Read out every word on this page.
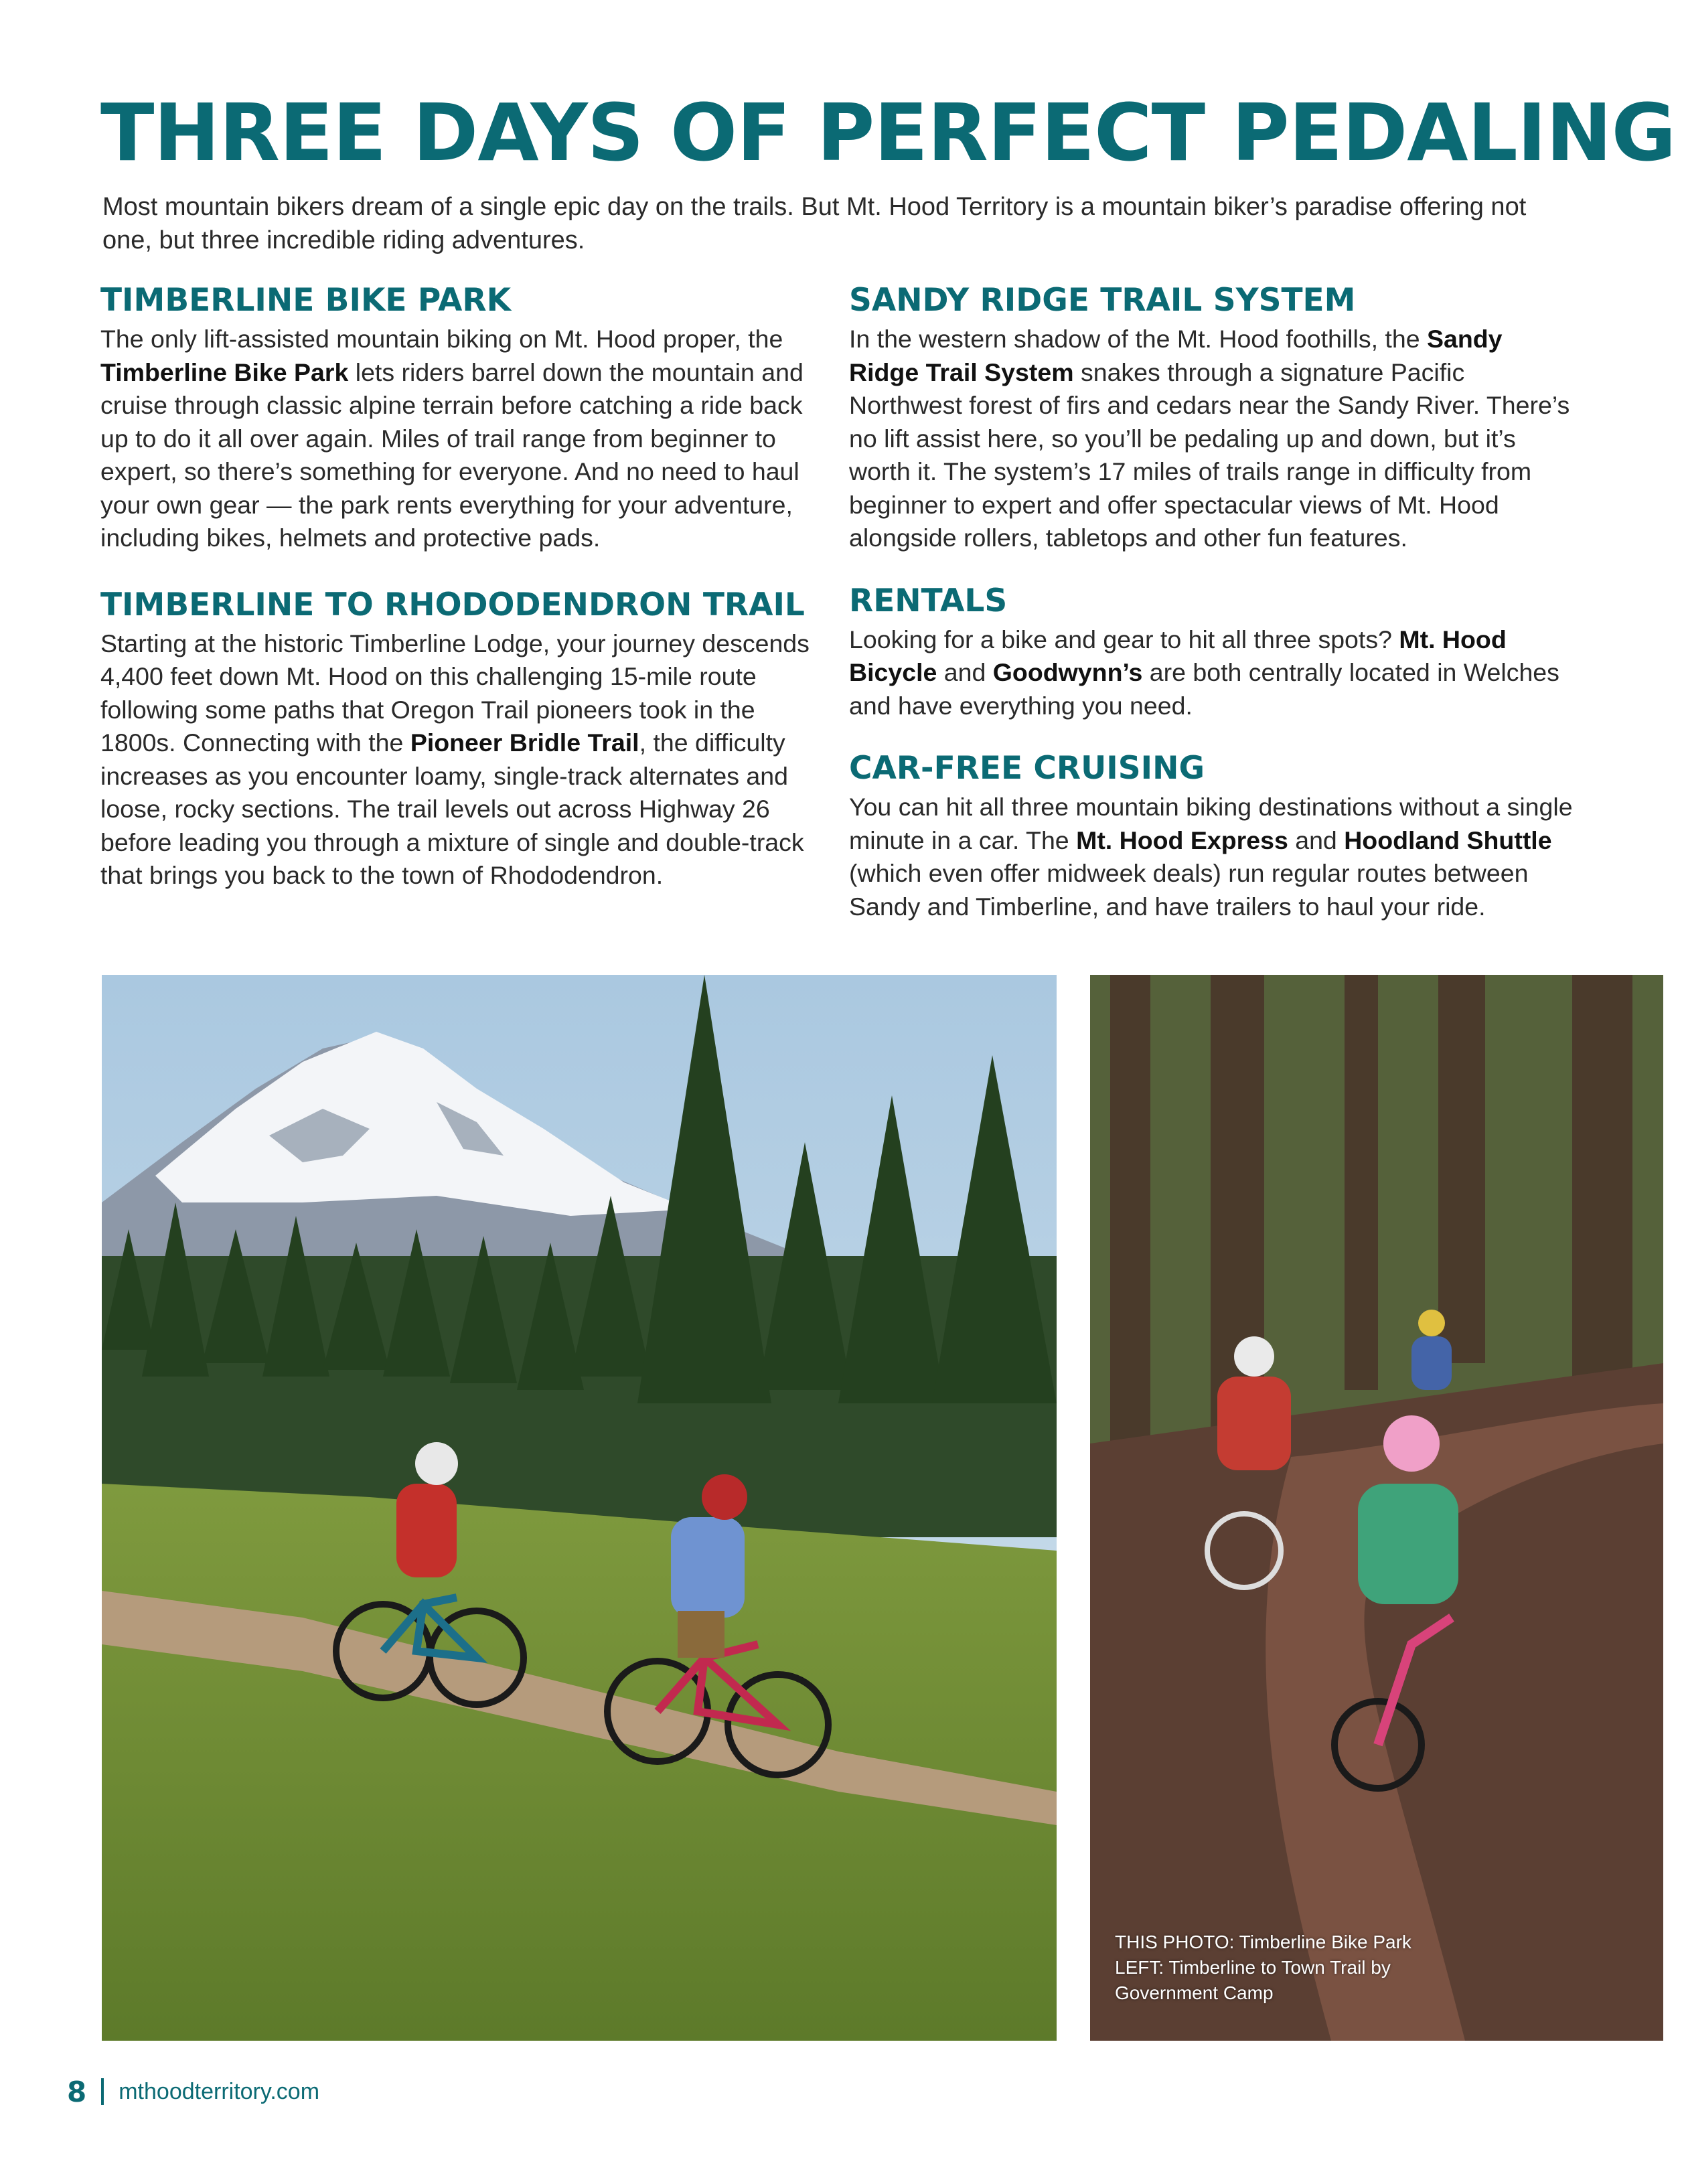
THREE DAYS OF PERFECT PEDALING

Most mountain bikers dream of a single epic day on the trails. But Mt. Hood Territory is a mountain biker’s paradise offering not one, but three incredible riding adventures.

TIMBERLINE BIKE PARK

The only lift-assisted mountain biking on Mt. Hood proper, the Timberline Bike Park lets riders barrel down the mountain and cruise through classic alpine terrain before catching a ride back up to do it all over again. Miles of trail range from beginner to expert, so there’s something for everyone. And no need to haul your own gear — the park rents everything for your adventure, including bikes, helmets and protective pads.

TIMBERLINE TO RHODODENDRON TRAIL

Starting at the historic Timberline Lodge, your journey descends 4,400 feet down Mt. Hood on this challenging 15-mile route following some paths that Oregon Trail pioneers took in the 1800s. Connecting with the Pioneer Bridle Trail, the difficulty increases as you encounter loamy, single-track alternates and loose, rocky sections. The trail levels out across Highway 26 before leading you through a mixture of single and double-track that brings you back to the town of Rhododendron.

SANDY RIDGE TRAIL SYSTEM

In the western shadow of the Mt. Hood foothills, the Sandy Ridge Trail System snakes through a signature Pacific Northwest forest of firs and cedars near the Sandy River. There’s no lift assist here, so you’ll be pedaling up and down, but it’s worth it. The system’s 17 miles of trails range in difficulty from beginner to expert and offer spectacular views of Mt. Hood alongside rollers, tabletops and other fun features.

RENTALS

Looking for a bike and gear to hit all three spots? Mt. Hood Bicycle and Goodwynn’s are both centrally located in Welches and have everything you need.

CAR-FREE CRUISING

You can hit all three mountain biking destinations without a single minute in a car. The Mt. Hood Express and Hoodland Shuttle (which even offer midweek deals) run regular routes between Sandy and Timberline, and have trailers to haul your ride.

THIS PHOTO: Timberline Bike Park
LEFT: Timberline to Town Trail by
Government Camp
8 mthoodterritory.com
